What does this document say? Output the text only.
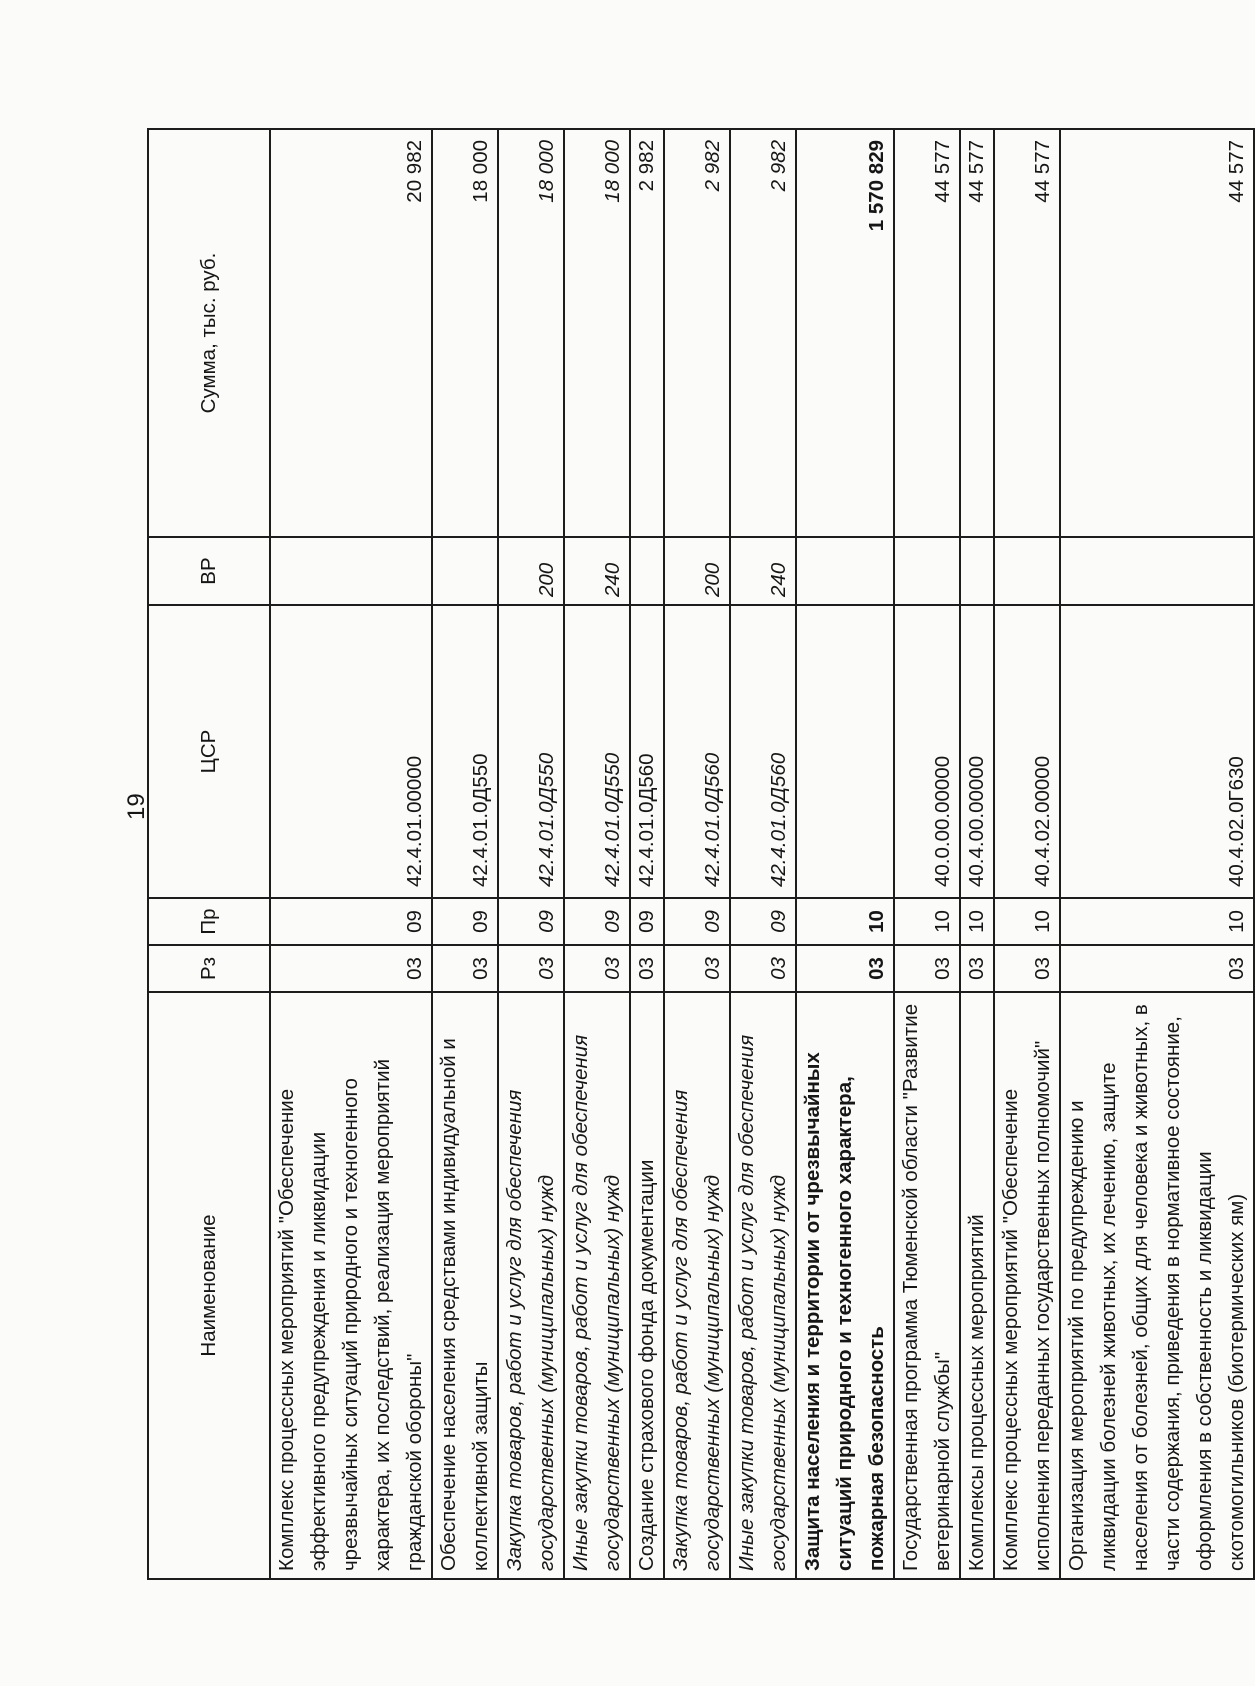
19
Наименование	Рз	Пр	ЦСР	ВР	Сумма, тыс. руб.
Комплекс процессных мероприятий "Обеспечение эффективного предупреждения и ликвидации чрезвычайных ситуаций природного и техногенного характера, их последствий, реализация мероприятий гражданской обороны"	03	09	42.4.01.00000		20 982
Обеспечение населения средствами индивидуальной и коллективной защиты	03	09	42.4.01.0Д550		18 000
Закупка товаров, работ и услуг для обеспечения государственных (муниципальных) нужд	03	09	42.4.01.0Д550	200	18 000
Иные закупки товаров, работ и услуг для обеспечения государственных (муниципальных) нужд	03	09	42.4.01.0Д550	240	18 000
Создание страхового фонда документации	03	09	42.4.01.0Д560		2 982
Закупка товаров, работ и услуг для обеспечения государственных (муниципальных) нужд	03	09	42.4.01.0Д560	200	2 982
Иные закупки товаров, работ и услуг для обеспечения государственных (муниципальных) нужд	03	09	42.4.01.0Д560	240	2 982
Защита населения и территории от чрезвычайных ситуаций природного и техногенного характера, пожарная безопасность	03	10			1 570 829
Государственная программа Тюменской области "Развитие ветеринарной службы"	03	10	40.0.00.00000		44 577
Комплексы процессных мероприятий	03	10	40.4.00.00000		44 577
Комплекс процессных мероприятий "Обеспечение исполнения переданных государственных полномочий"	03	10	40.4.02.00000		44 577
Организация мероприятий по предупреждению и ликвидации болезней животных, их лечению, защите населения от болезней, общих для человека и животных, в части содержания, приведения в нормативное состояние, оформления в собственность и ликвидации скотомогильников (биотермических ям)	03	10	40.4.02.0Г630		44 577
